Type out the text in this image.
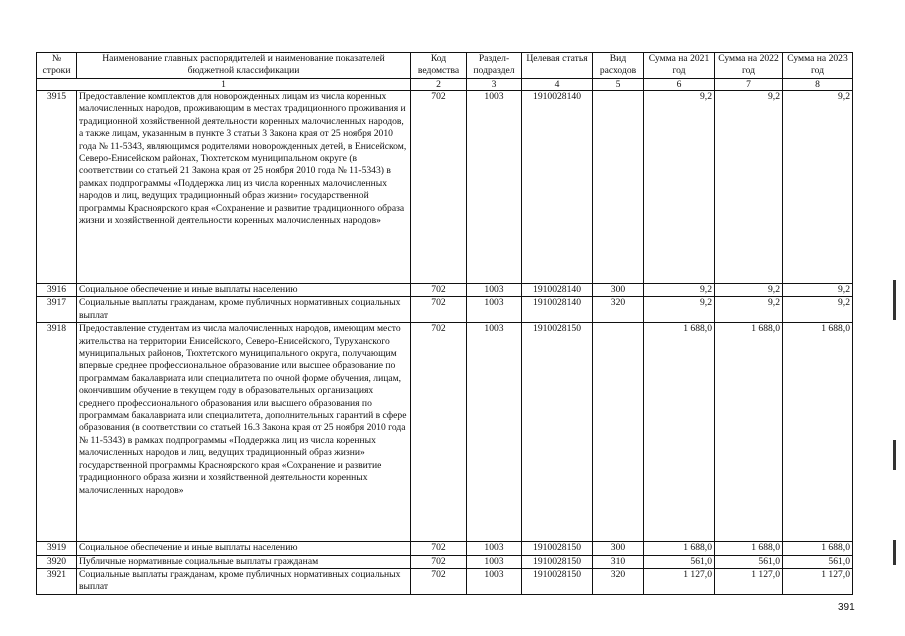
№ строки	Наименование главных распорядителей и наименование показателей бюджетной классификации	Код ведомства	Раздел-подраздел	Целевая статья	Вид расходов	Сумма на 2021 год	Сумма на 2022 год	Сумма на 2023 год
1		2	3	4	5	6	7	8
3915	Предоставление комплектов для новорожденных лицам из числа коренных малочисленных народов, проживающим в местах традиционного проживания и традиционной хозяйственной деятельности коренных малочисленных народов, а также лицам, указанным в пункте 3 статьи 3 Закона края от 25 ноября 2010 года № 11-5343, являющимся родителями новорожденных детей, в Енисейском, Северо-Енисейском районах, Тюхтетском муниципальном округе (в соответствии со статьей 21 Закона края от 25 ноября 2010 года № 11-5343) в рамках подпрограммы «Поддержка лиц из числа коренных малочисленных народов и лиц, ведущих традиционный образ жизни» государственной программы Красноярского края «Сохранение и развитие традиционного образа жизни и хозяйственной деятельности коренных малочисленных народов»	702	1003	1910028140		9,2	9,2	9,2
3916	Социальное обеспечение и иные выплаты населению	702	1003	1910028140	300	9,2	9,2	9,2
3917	Социальные выплаты гражданам, кроме публичных нормативных социальных выплат	702	1003	1910028140	320	9,2	9,2	9,2
3918	Предоставление студентам из числа малочисленных народов, имеющим место жительства на территории Енисейского, Северо-Енисейского, Туруханского муниципальных районов, Тюхтетского муниципального округа, получающим впервые среднее профессиональное образование или высшее образование по программам бакалавриата или специалитета по очной форме обучения, лицам, окончившим обучение в текущем году в образовательных организациях среднего профессионального образования или высшего образования по программам бакалавриата или специалитета, дополнительных гарантий в сфере образования (в соответствии со статьей 16.3 Закона края от 25 ноября 2010 года № 11-5343) в рамках подпрограммы «Поддержка лиц из числа коренных малочисленных народов и лиц, ведущих традиционный образ жизни» государственной программы Красноярского края «Сохранение и развитие традиционного образа жизни и хозяйственной деятельности коренных малочисленных народов»	702	1003	1910028150		1 688,0	1 688,0	1 688,0
3919	Социальное обеспечение и иные выплаты населению	702	1003	1910028150	300	1 688,0	1 688,0	1 688,0
3920	Публичные нормативные социальные выплаты гражданам	702	1003	1910028150	310	561,0	561,0	561,0
3921	Социальные выплаты гражданам, кроме публичных нормативных социальных выплат	702	1003	1910028150	320	1 127,0	1 127,0	1 127,0
391
